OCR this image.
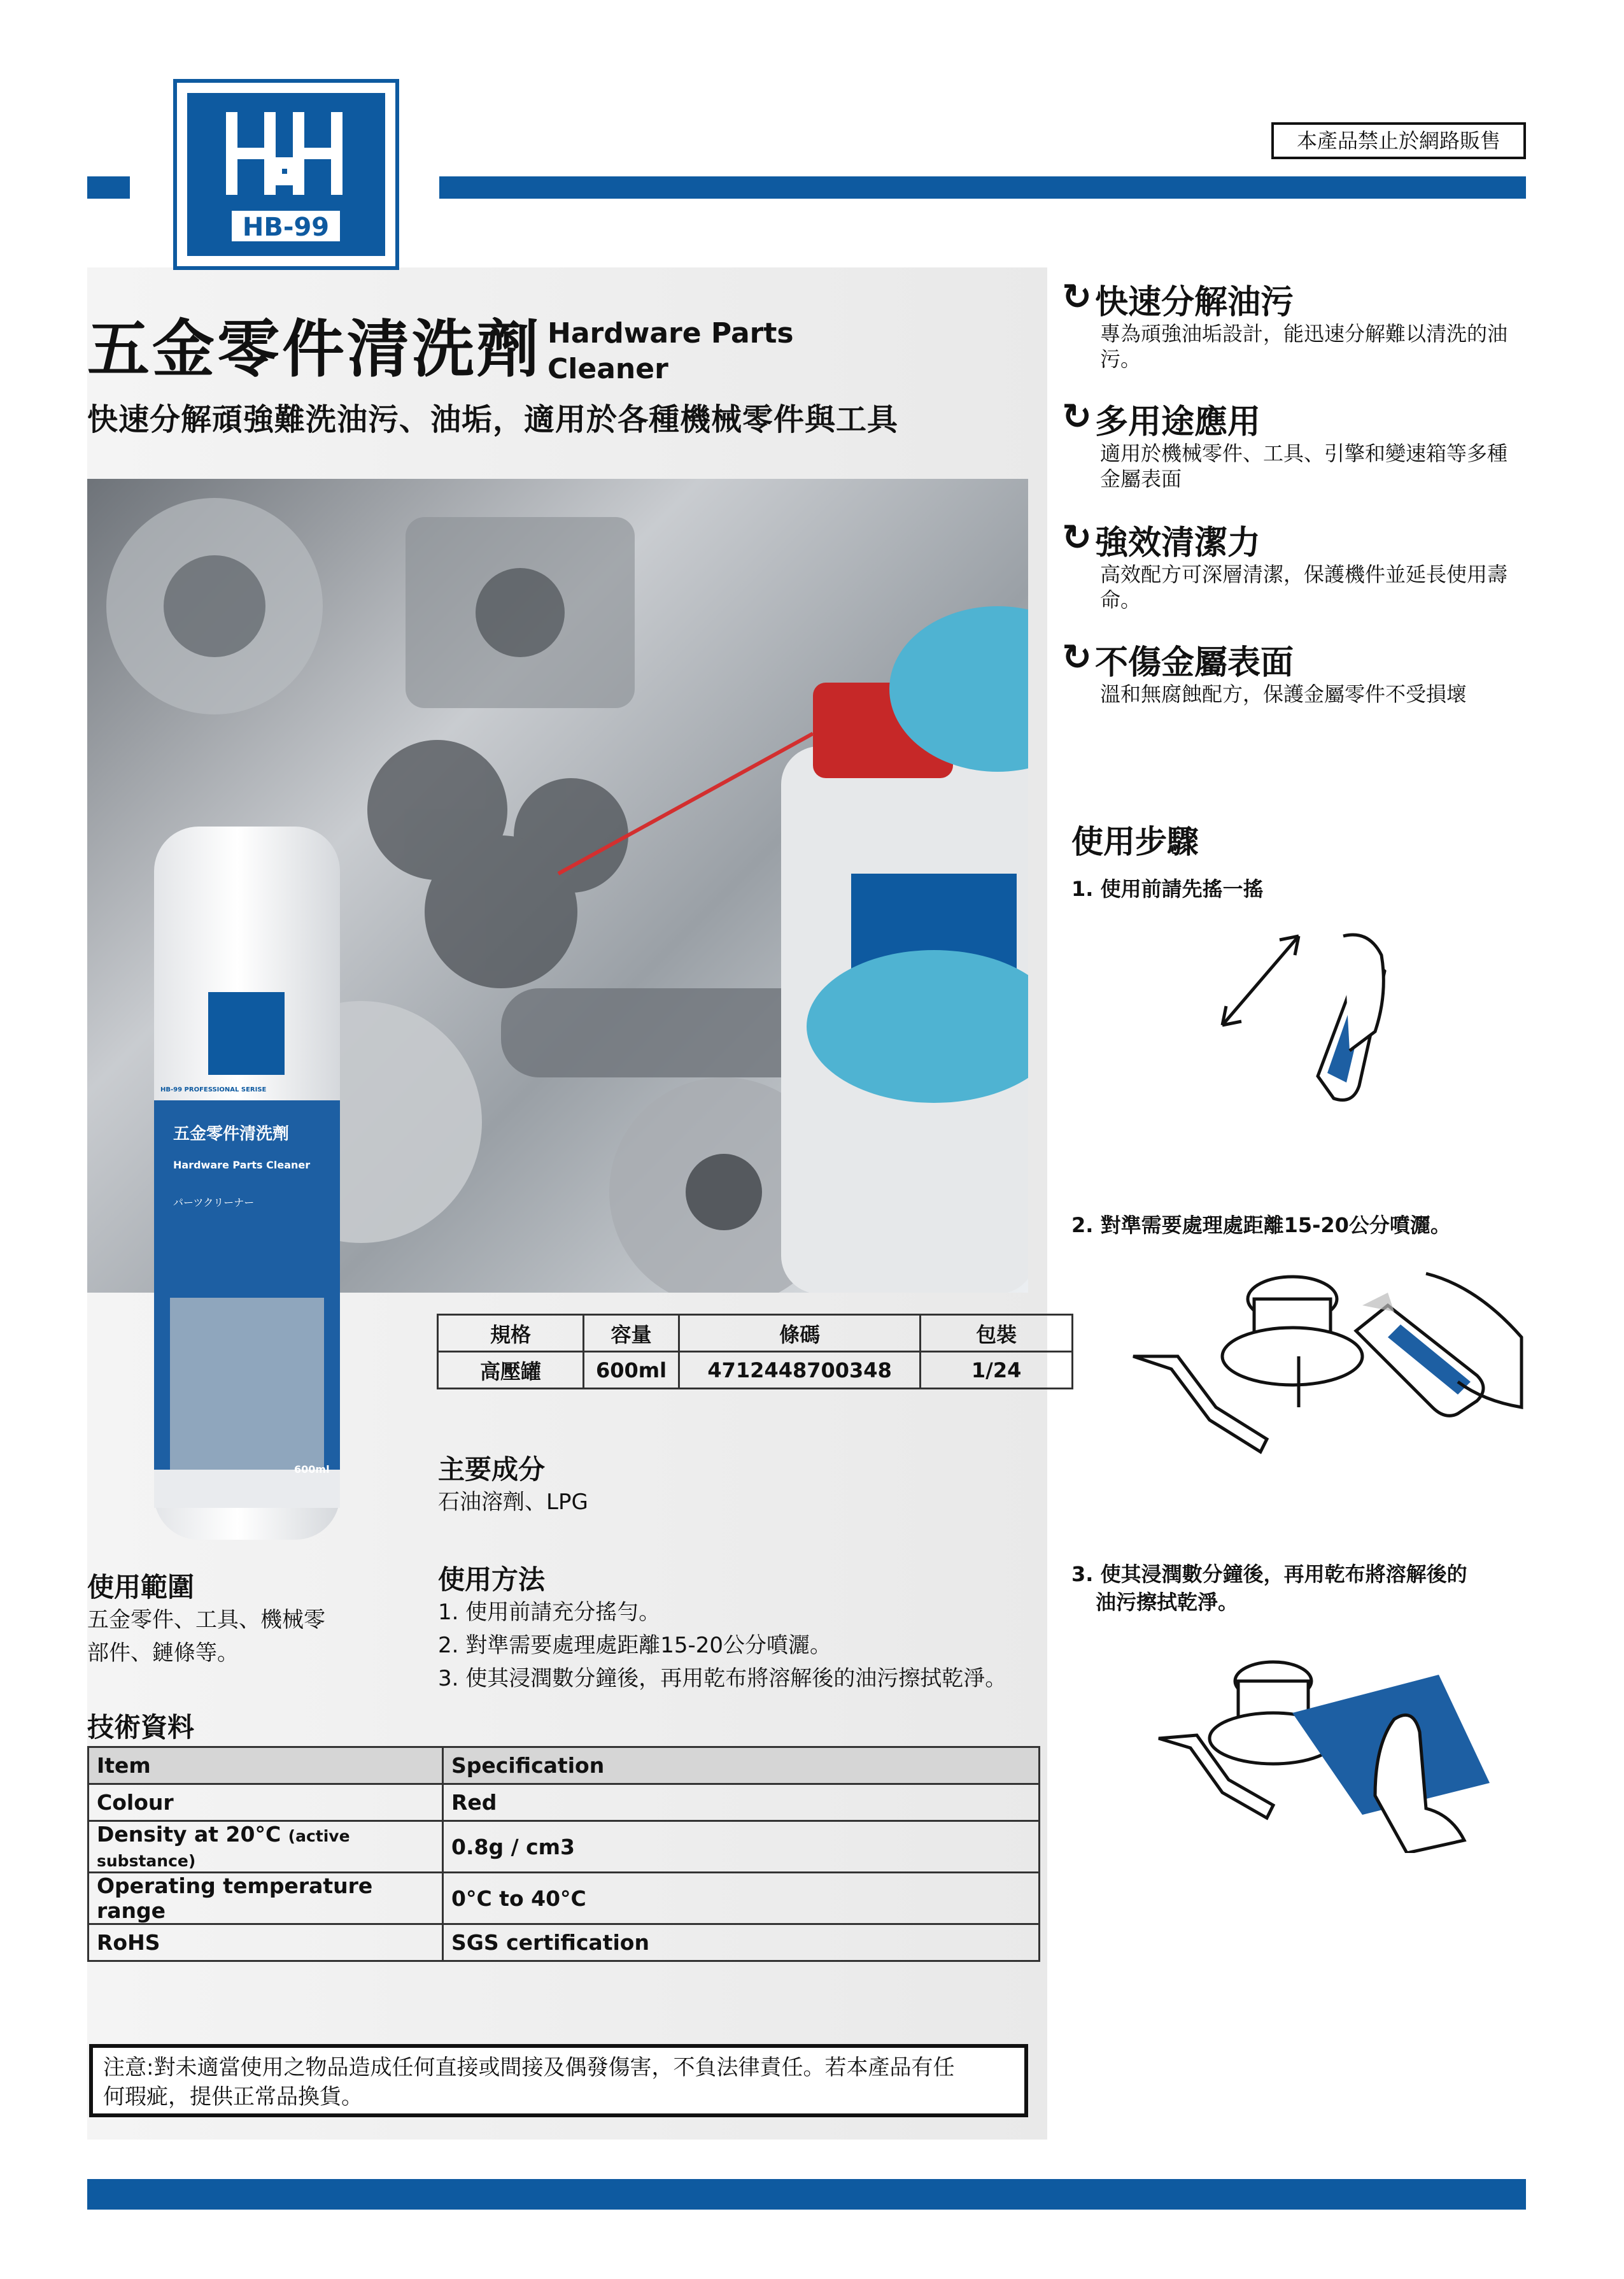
HB-99
本產品禁止於網路販售
五金零件清洗劑 Hardware Parts
Cleaner
快速分解頑強難洗油污、油垢，適用於各種機械零件與工具
HB-99 PROFESSIONAL SERISE
五金零件清洗劑
Hardware Parts Cleaner
パーツクリーナー
600ml
規格	容量	條碼	包裝
高壓罐	600ml	4712448700348	1/24
主要成分
石油溶劑、LPG
使用範圍
五金零件、工具、機械零
部件、鏈條等。
使用方法
1. 使用前請充分搖勻。
2. 對準需要處理處距離15-20公分噴灑。
3. 使其浸潤數分鐘後，再用乾布將溶解後的油污擦拭乾淨。
技術資料
Item	Specification
Colour	Red
Density at 20°C (active substance)	0.8g / cm3
Operating temperature range	0°C to 40°C
RoHS	SGS certification
注意:對未適當使用之物品造成任何直接或間接及偶發傷害，不負法律責任。若本產品有任
何瑕疵，提供正常品換貨。
↻ 快速分解油污
專為頑強油垢設計，能迅速分解難以清洗的油污。
↻ 多用途應用
適用於機械零件、工具、引擎和變速箱等多種金屬表面
↻ 強效清潔力
高效配方可深層清潔，保護機件並延長使用壽命。
↻ 不傷金屬表面
溫和無腐蝕配方，保護金屬零件不受損壞
使用步驟
1. 使用前請先搖一搖
2. 對準需要處理處距離15-20公分噴灑。
3. 使其浸潤數分鐘後，再用乾布將溶解後的
油污擦拭乾淨。
